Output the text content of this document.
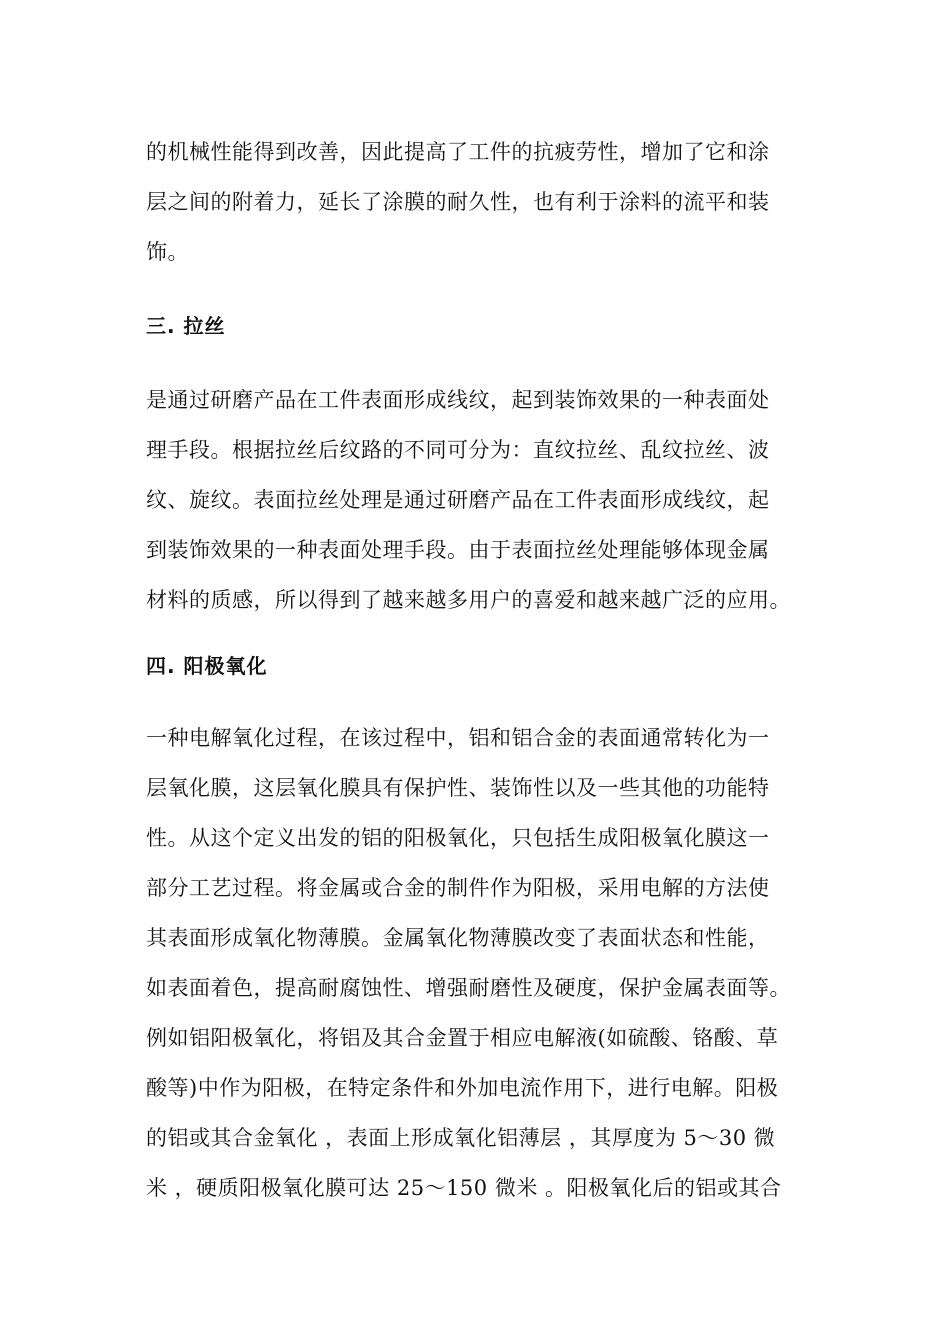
的机械性能得到改善，因此提高了工件的抗疲劳性，增加了它和涂
层之间的附着力，延长了涂膜的耐久性，也有利于涂料的流平和装
饰。
三. 拉丝
是通过研磨产品在工件表面形成线纹，起到装饰效果的一种表面处
理手段。根据拉丝后纹路的不同可分为：直纹拉丝、乱纹拉丝、波
纹、旋纹。表面拉丝处理是通过研磨产品在工件表面形成线纹，起
到装饰效果的一种表面处理手段。由于表面拉丝处理能够体现金属
材料的质感，所以得到了越来越多用户的喜爱和越来越广泛的应用。
四. 阳极氧化
一种电解氧化过程，在该过程中，铝和铝合金的表面通常转化为一
层氧化膜，这层氧化膜具有保护性、装饰性以及一些其他的功能特
性。从这个定义出发的铝的阳极氧化，只包括生成阳极氧化膜这一
部分工艺过程。将金属或合金的制件作为阳极，采用电解的方法使
其表面形成氧化物薄膜。金属氧化物薄膜改变了表面状态和性能，
如表面着色，提高耐腐蚀性、增强耐磨性及硬度，保护金属表面等。
例如铝阳极氧化，将铝及其合金置于相应电解液(如硫酸、铬酸、草
酸等)中作为阳极，在特定条件和外加电流作用下，进行电解。阳极
的铝或其合金氧化 ，表面上形成氧化铝薄层 ，其厚度为 5～30 微
米 ，硬质阳极氧化膜可达 25～150 微米 。阳极氧化后的铝或其合
